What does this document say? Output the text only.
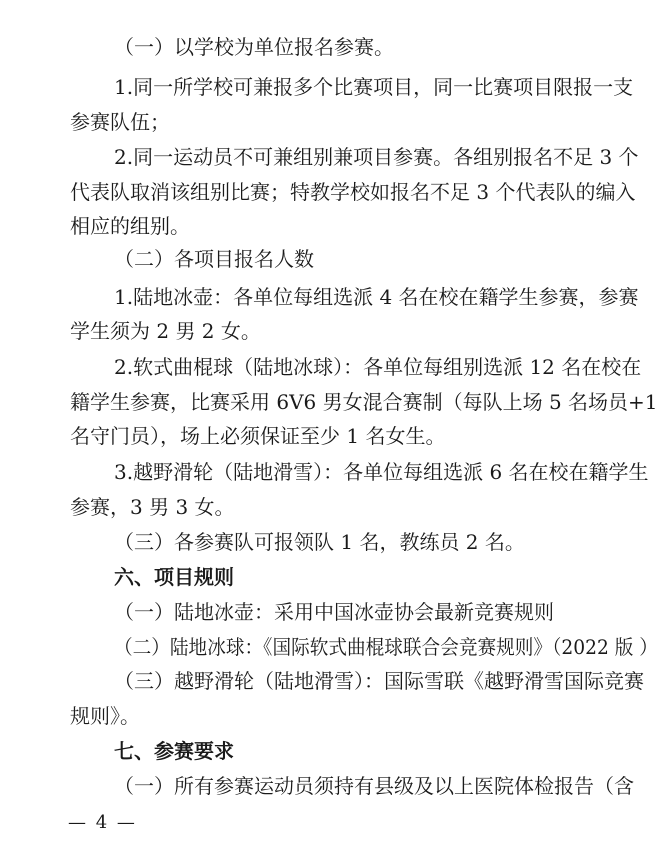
（一）以学校为单位报名参赛。

1.同一所学校可兼报多个比赛项目，同一比赛项目限报一支

参赛队伍；

2.同一运动员不可兼组别兼项目参赛。各组别报名不足 3 个

代表队取消该组别比赛；特教学校如报名不足 3 个代表队的编入

相应的组别。

（二）各项目报名人数

1.陆地冰壶：各单位每组选派 4 名在校在籍学生参赛，参赛

学生须为 2 男 2 女。

2.软式曲棍球（陆地冰球）：各单位每组别选派 12 名在校在

籍学生参赛，比赛采用 6V6 男女混合赛制（每队上场 5 名场员+1

名守门员），场上必须保证至少 1 名女生。

3.越野滑轮（陆地滑雪）：各单位每组选派 6 名在校在籍学生

参赛，3 男 3 女。

（三）各参赛队可报领队 1 名，教练员 2 名。

六、项目规则

（一）陆地冰壶：采用中国冰壶协会最新竞赛规则

（二）陆地冰球：《国际软式曲棍球联合会竞赛规则》（2022 版 ）

（三）越野滑轮（陆地滑雪）：国际雪联《越野滑雪国际竞赛

规则》。

七、参赛要求

（一）所有参赛运动员须持有县级及以上医院体检报告（含

— 4 —
